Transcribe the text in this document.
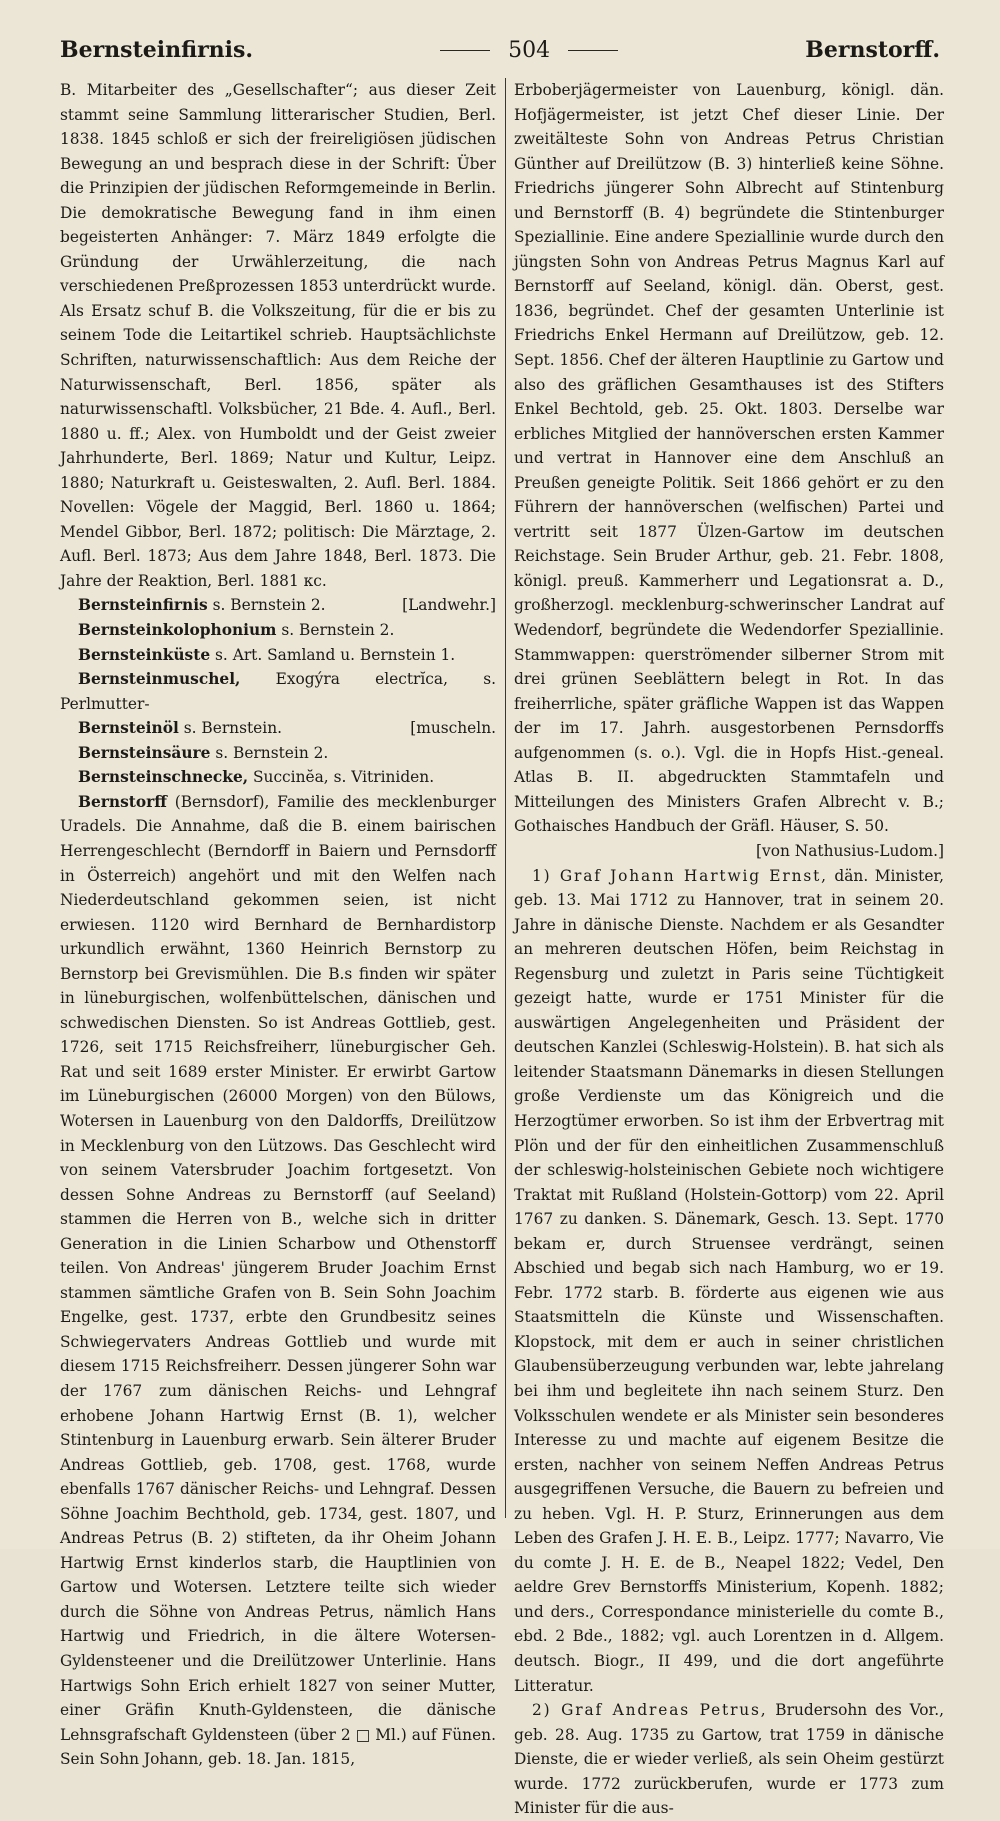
Bernsteinfirnis.	504	Bernstorff.

B. Mitarbeiter des „Gesellschafter“; aus dieser Zeit stammt seine Sammlung litterarischer Studien, Berl. 1838. 1845 schloß er sich der freireligiösen jüdischen Bewegung an und besprach diese in der Schrift: Über die Prinzipien der jüdischen Reformgemeinde in Berlin. Die demokratische Bewegung fand in ihm einen begeisterten Anhänger: 7. März 1849 erfolgte die Gründung der Urwählerzeitung, die nach verschiedenen Preßprozessen 1853 unterdrückt wurde. Als Ersatz schuf B. die Volkszeitung, für die er bis zu seinem Tode die Leitartikel schrieb. Hauptsächlichste Schriften, naturwissenschaftlich: Aus dem Reiche der Naturwissenschaft, Berl. 1856, später als naturwissenschaftl. Volksbücher, 21 Bde. 4. Aufl., Berl. 1880 u. ff.; Alex. von Humboldt und der Geist zweier Jahrhunderte, Berl. 1869; Natur und Kultur, Leipz. 1880; Naturkraft u. Geisteswalten, 2. Aufl. Berl. 1884. Novellen: Vögele der Maggid, Berl. 1860 u. 1864; Mendel Gibbor, Berl. 1872; politisch: Die Märztage, 2. Aufl. Berl. 1873; Aus dem Jahre 1848, Berl. 1873. Die Jahre der Reaktion, Berl. 1881 κc.

Bernsteinfirnis s. Bernstein 2.	[Landwehr.]

Bernsteinkolophonium s. Bernstein 2.

Bernsteinküste s. Art. Samland u. Bernstein 1.

Bernsteinmuschel, Exogýra electrĭca, s. Perlmutter-

Bernsteinöl s. Bernstein.	[muscheln.

Bernsteinsäure s. Bernstein 2.

Bernsteinschnecke, Succinĕa, s. Vitriniden.

Bernstorff (Bernsdorf), Familie des mecklenburger Uradels. Die Annahme, daß die B. einem bairischen Herrengeschlecht (Berndorff in Baiern und Pernsdorff in Österreich) angehört und mit den Welfen nach Niederdeutschland gekommen seien, ist nicht erwiesen. 1120 wird Bernhard de Bernhardistorp urkundlich erwähnt, 1360 Heinrich Bernstorp zu Bernstorp bei Grevismühlen. Die B.s finden wir später in lüneburgischen, wolfenbüttelschen, dänischen und schwedischen Diensten. So ist Andreas Gottlieb, gest. 1726, seit 1715 Reichsfreiherr, lüneburgischer Geh. Rat und seit 1689 erster Minister. Er erwirbt Gartow im Lüneburgischen (26000 Morgen) von den Bülows, Wotersen in Lauenburg von den Daldorffs, Dreilützow in Mecklenburg von den Lützows. Das Geschlecht wird von seinem Vatersbruder Joachim fortgesetzt. Von dessen Sohne Andreas zu Bernstorff (auf Seeland) stammen die Herren von B., welche sich in dritter Generation in die Linien Scharbow und Othenstorff teilen. Von Andreas' jüngerem Bruder Joachim Ernst stammen sämtliche Grafen von B. Sein Sohn Joachim Engelke, gest. 1737, erbte den Grundbesitz seines Schwiegervaters Andreas Gottlieb und wurde mit diesem 1715 Reichsfreiherr. Dessen jüngerer Sohn war der 1767 zum dänischen Reichs- und Lehngraf erhobene Johann Hartwig Ernst (B. 1), welcher Stintenburg in Lauenburg erwarb. Sein älterer Bruder Andreas Gottlieb, geb. 1708, gest. 1768, wurde ebenfalls 1767 dänischer Reichs- und Lehngraf. Dessen Söhne Joachim Bechthold, geb. 1734, gest. 1807, und Andreas Petrus (B. 2) stifteten, da ihr Oheim Johann Hartwig Ernst kinderlos starb, die Hauptlinien von Gartow und Wotersen. Letztere teilte sich wieder durch die Söhne von Andreas Petrus, nämlich Hans Hartwig und Friedrich, in die ältere Wotersen-Gyldensteener und die Dreilützower Unterlinie. Hans Hartwigs Sohn Erich erhielt 1827 von seiner Mutter, einer Gräfin Knuth-Gyldensteen, die dänische Lehnsgrafschaft Gyldensteen (über 2 □ Ml.) auf Fünen. Sein Sohn Johann, geb. 18. Jan. 1815,

Erboberjägermeister von Lauenburg, königl. dän. Hofjägermeister, ist jetzt Chef dieser Linie. Der zweitälteste Sohn von Andreas Petrus Christian Günther auf Dreilützow (B. 3) hinterließ keine Söhne. Friedrichs jüngerer Sohn Albrecht auf Stintenburg und Bernstorff (B. 4) begründete die Stintenburger Speziallinie. Eine andere Speziallinie wurde durch den jüngsten Sohn von Andreas Petrus Magnus Karl auf Bernstorff auf Seeland, königl. dän. Oberst, gest. 1836, begründet. Chef der gesamten Unterlinie ist Friedrichs Enkel Hermann auf Dreilützow, geb. 12. Sept. 1856. Chef der älteren Hauptlinie zu Gartow und also des gräflichen Gesamthauses ist des Stifters Enkel Bechtold, geb. 25. Okt. 1803. Derselbe war erbliches Mitglied der hannöverschen ersten Kammer und vertrat in Hannover eine dem Anschluß an Preußen geneigte Politik. Seit 1866 gehört er zu den Führern der hannöverschen (welfischen) Partei und vertritt seit 1877 Ülzen-Gartow im deutschen Reichstage. Sein Bruder Arthur, geb. 21. Febr. 1808, königl. preuß. Kammerherr und Legationsrat a. D., großherzogl. mecklenburg-schwerinscher Landrat auf Wedendorf, begründete die Wedendorfer Speziallinie. Stammwappen: querströmender silberner Strom mit drei grünen Seeblättern belegt in Rot. In das freiherrliche, später gräfliche Wappen ist das Wappen der im 17. Jahrh. ausgestorbenen Pernsdorffs aufgenommen (s. o.). Vgl. die in Hopfs Hist.-geneal. Atlas B. II. abgedruckten Stammtafeln und Mitteilungen des Ministers Grafen Albrecht v. B.; Gothaisches Handbuch der Gräfl. Häuser, S. 50.

[von Nathusius-Ludom.]

1) Graf Johann Hartwig Ernst, dän. Minister, geb. 13. Mai 1712 zu Hannover, trat in seinem 20. Jahre in dänische Dienste. Nachdem er als Gesandter an mehreren deutschen Höfen, beim Reichstag in Regensburg und zuletzt in Paris seine Tüchtigkeit gezeigt hatte, wurde er 1751 Minister für die auswärtigen Angelegenheiten und Präsident der deutschen Kanzlei (Schleswig-Holstein). B. hat sich als leitender Staatsmann Dänemarks in diesen Stellungen große Verdienste um das Königreich und die Herzogtümer erworben. So ist ihm der Erbvertrag mit Plön und der für den einheitlichen Zusammenschluß der schleswig-holsteinischen Gebiete noch wichtigere Traktat mit Rußland (Holstein-Gottorp) vom 22. April 1767 zu danken. S. Dänemark, Gesch. 13. Sept. 1770 bekam er, durch Struensee verdrängt, seinen Abschied und begab sich nach Hamburg, wo er 19. Febr. 1772 starb. B. förderte aus eigenen wie aus Staatsmitteln die Künste und Wissenschaften. Klopstock, mit dem er auch in seiner christlichen Glaubensüberzeugung verbunden war, lebte jahrelang bei ihm und begleitete ihn nach seinem Sturz. Den Volksschulen wendete er als Minister sein besonderes Interesse zu und machte auf eigenem Besitze die ersten, nachher von seinem Neffen Andreas Petrus ausgegriffenen Versuche, die Bauern zu befreien und zu heben. Vgl. H. P. Sturz, Erinnerungen aus dem Leben des Grafen J. H. E. B., Leipz. 1777; Navarro, Vie du comte J. H. E. de B., Neapel 1822; Vedel, Den aeldre Grev Bernstorffs Ministerium, Kopenh. 1882; und ders., Correspondance ministerielle du comte B., ebd. 2 Bde., 1882; vgl. auch Lorentzen in d. Allgem. deutsch. Biogr., II 499, und die dort angeführte Litteratur.

2) Graf Andreas Petrus, Brudersohn des Vor., geb. 28. Aug. 1735 zu Gartow, trat 1759 in dänische Dienste, die er wieder verließ, als sein Oheim gestürzt wurde. 1772 zurückberufen, wurde er 1773 zum Minister für die aus-
